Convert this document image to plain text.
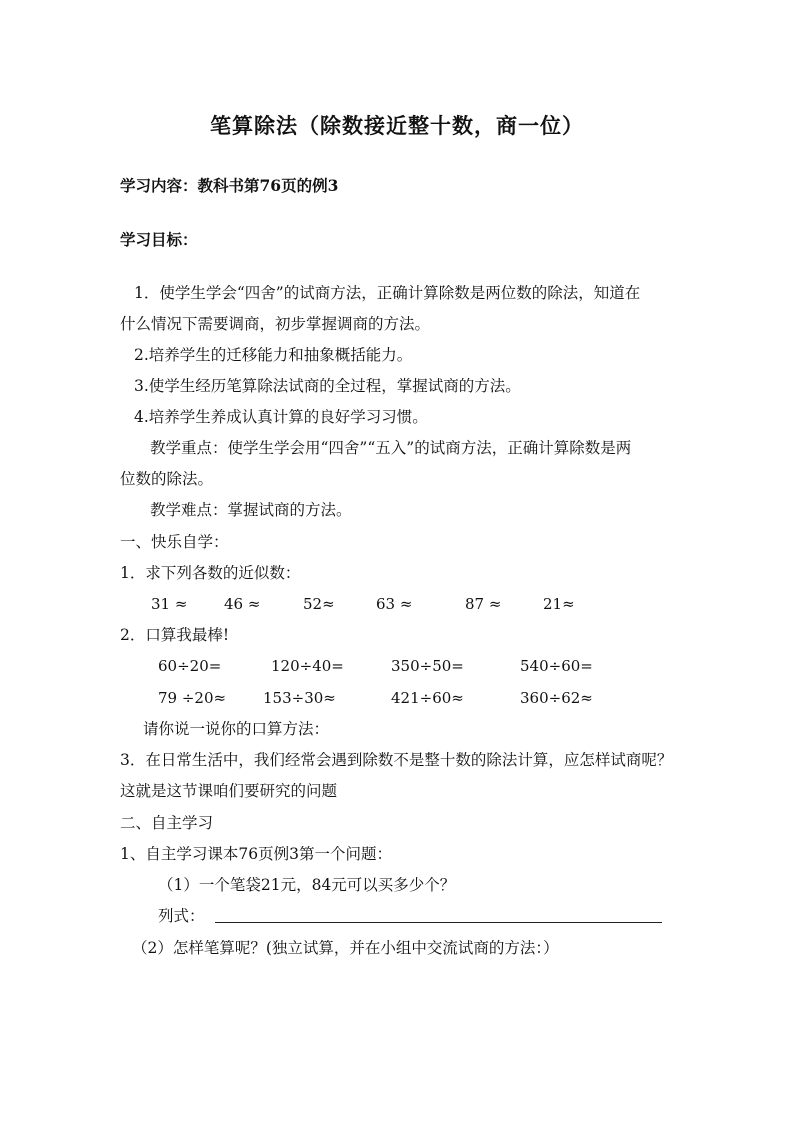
笔算除法（除数接近整十数，商一位）
学习内容：教科书第76页的例3
学习目标：
1．使学生学会“四舍”的试商方法，正确计算除数是两位数的除法，知道在
什么情况下需要调商，初步掌握调商的方法。
2.培养学生的迁移能力和抽象概括能力。
3.使学生经历笔算除法试商的全过程，掌握试商的方法。
4.培养学生养成认真计算的良好学习习惯。
教学重点：使学生学会用“四舍”“五入”的试商方法，正确计算除数是两
位数的除法。
教学难点：掌握试商的方法。
一、快乐自学：
1．求下列各数的近似数：
31 ≈ 46 ≈	52≈	63 ≈	87 ≈	21≈
2．口算我最棒!
60÷20=	120÷40=	350÷50=	540÷60=
79 ÷20≈ 153÷30≈	421÷60≈	360÷62≈
请你说一说你的口算方法：
3．在日常生活中，我们经常会遇到除数不是整十数的除法计算，应怎样试商呢？
这就是这节课咱们要研究的问题
二、自主学习
1、自主学习课本76页例3第一个问题：
（1）一个笔袋21元，84元可以买多少个？
列式：
（2）怎样笔算呢？(独立试算，并在小组中交流试商的方法：）
